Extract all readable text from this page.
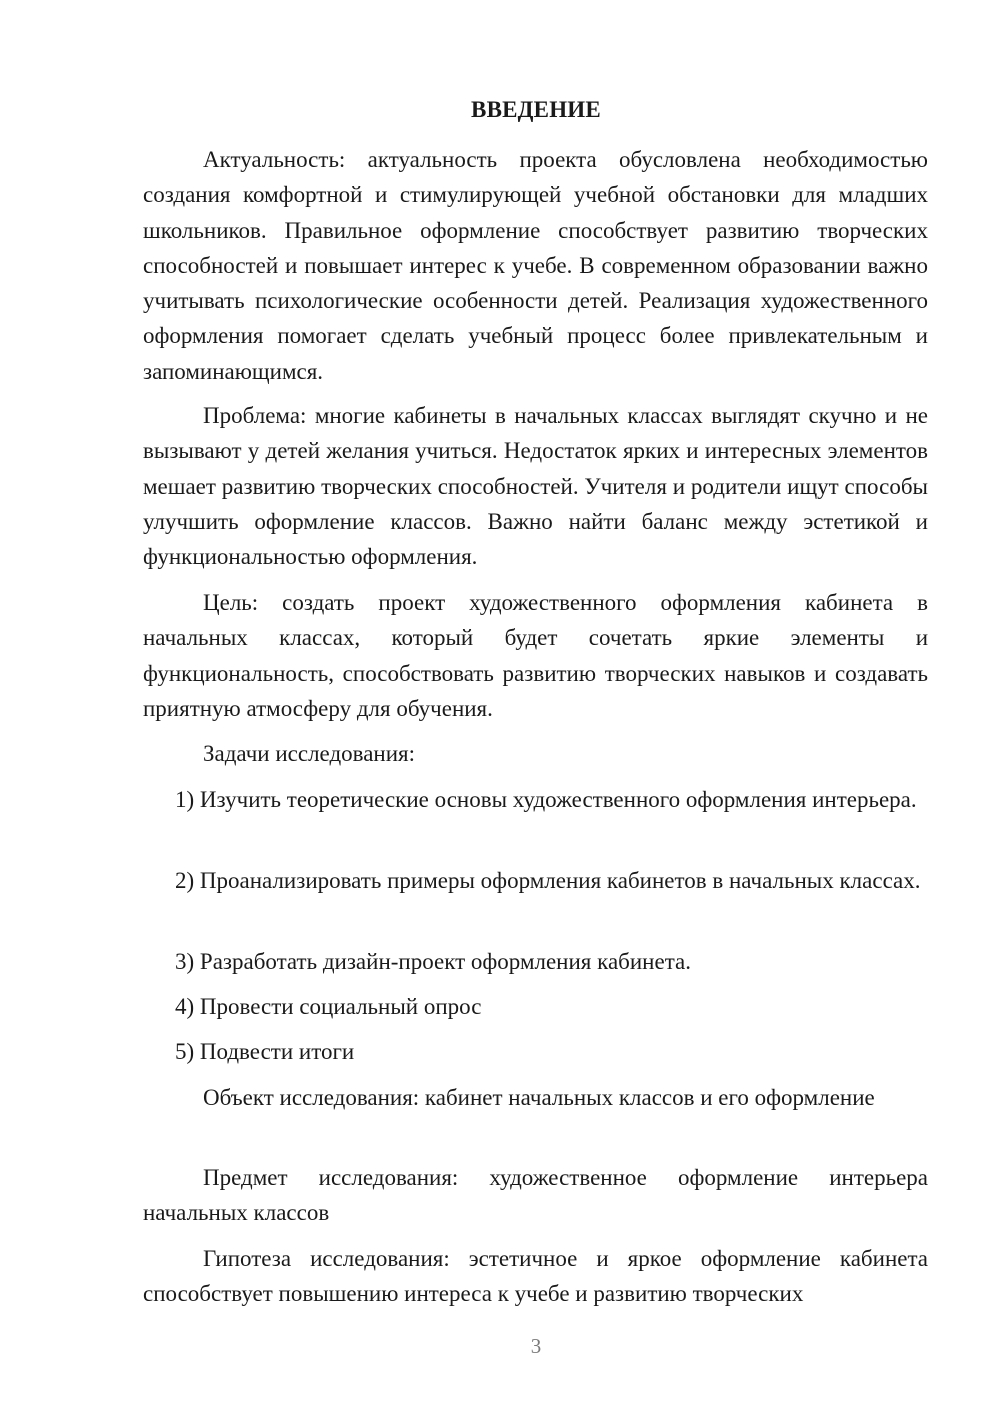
ВВЕДЕНИЕ

Актуальность: актуальность проекта обусловлена необходимостью создания комфортной и стимулирующей учебной обстановки для младших школьников. Правильное оформление способствует развитию творческих способностей и повышает интерес к учебе. В современном образовании важно учитывать психологические особенности детей. Реализация художественного оформления помогает сделать учебный процесс более привлекательным и запоминающимся.

Проблема: многие кабинеты в начальных классах выглядят скучно и не вызывают у детей желания учиться. Недостаток ярких и интересных элементов мешает развитию творческих способностей. Учителя и родители ищут способы улучшить оформление классов. Важно найти баланс между эстетикой и функциональностью оформления.

Цель: создать проект художественного оформления кабинета в начальных классах, который будет сочетать яркие элементы и функциональность, способствовать развитию творческих навыков и создавать приятную атмосферу для обучения.

Задачи исследования:

1) Изучить теоретические основы художественного оформления интерьера.

2) Проанализировать примеры оформления кабинетов в начальных классах.

3) Разработать дизайн-проект оформления кабинета.

4) Провести социальный опрос

5) Подвести итоги

Объект исследования: кабинет начальных классов и его оформление

Предмет исследования: художественное оформление интерьера начальных классов

Гипотеза исследования: эстетичное и яркое оформление кабинета способствует повышению интереса к учебе и развитию творческих

3
